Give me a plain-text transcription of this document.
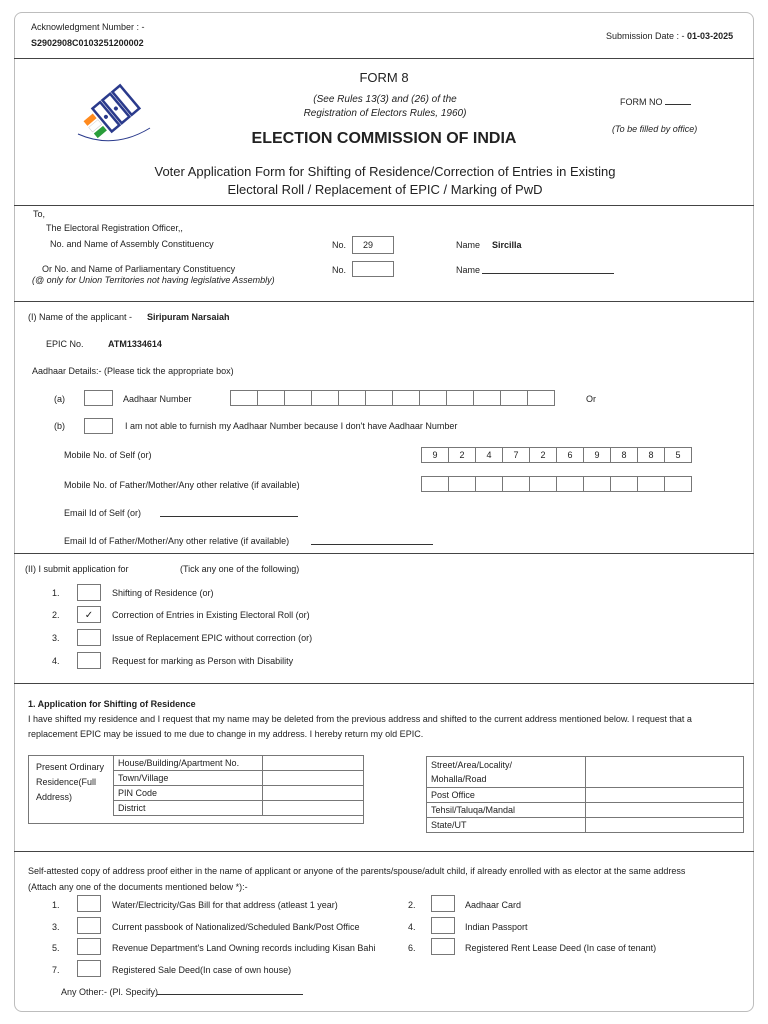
Acknowledgment Number : -
S2902908C0103251200002
Submission Date : - 01-03-2025
FORM 8
(See Rules 13(3) and (26) of the
Registration of Electors Rules, 1960)
ELECTION COMMISSION OF INDIA
FORM NO
(To be filled by office)
Voter Application Form for Shifting of Residence/Correction of Entries in Existing
Electoral Roll / Replacement of EPIC / Marking of PwD
To,
The Electoral Registration Officer,,
No. and Name of Assembly Constituency	No.	29	Name Sircilla
Or No. and Name of Parliamentary Constituency
(@ only for Union Territories not having legislative Assembly)
No.	Name
(I) Name of the applicant - Siripuram Narsaiah
EPIC No.	ATM1334614
Aadhaar Details:- (Please tick the appropriate box)
(a)	Aadhaar Number	Or
(b)	I am not able to furnish my Aadhaar Number because I don't have Aadhaar Number
Mobile No. of Self (or)	9	2	4	7	2	6	9	8	8	5
Mobile No. of Father/Mother/Any other relative (if available)
Email Id of Self (or)
Email Id of Father/Mother/Any other relative (if available)
(II) I submit application for	(Tick any one of the following)
1.	Shifting of Residence (or)
2.	✓	Correction of Entries in Existing Electoral Roll (or)
3.	Issue of Replacement EPIC without correction (or)
4.	Request for marking as Person with Disability
1. Application for Shifting of Residence
I have shifted my residence and I request that my name may be deleted from the previous address and shifted to the current address mentioned below. I request that a
replacement EPIC may be issued to me due to change in my address. I hereby return my old EPIC.
Present Ordinary
Residence(Full
Address)
House/Building/Apartment No.	
Town/Village	
PIN Code	
District	
Street/Area/Locality/
Mohalla/Road	

Post Office	
Tehsil/Taluqa/Mandal	
State/UT	
Self-attested copy of address proof either in the name of applicant or anyone of the parents/spouse/adult child, if already enrolled with as elector at the same address
(Attach any one of the documents mentioned below *):-
1.	Water/Electricity/Gas Bill for that address (atleast 1 year)	2.	Aadhaar Card
3.	Current passbook of Nationalized/Scheduled Bank/Post Office	4.	Indian Passport
5.	Revenue Department's Land Owning records including Kisan Bahi	6.	Registered Rent Lease Deed (In case of tenant)
7.	Registered Sale Deed(In case of own house)
Any Other:- (Pl. Specify)
